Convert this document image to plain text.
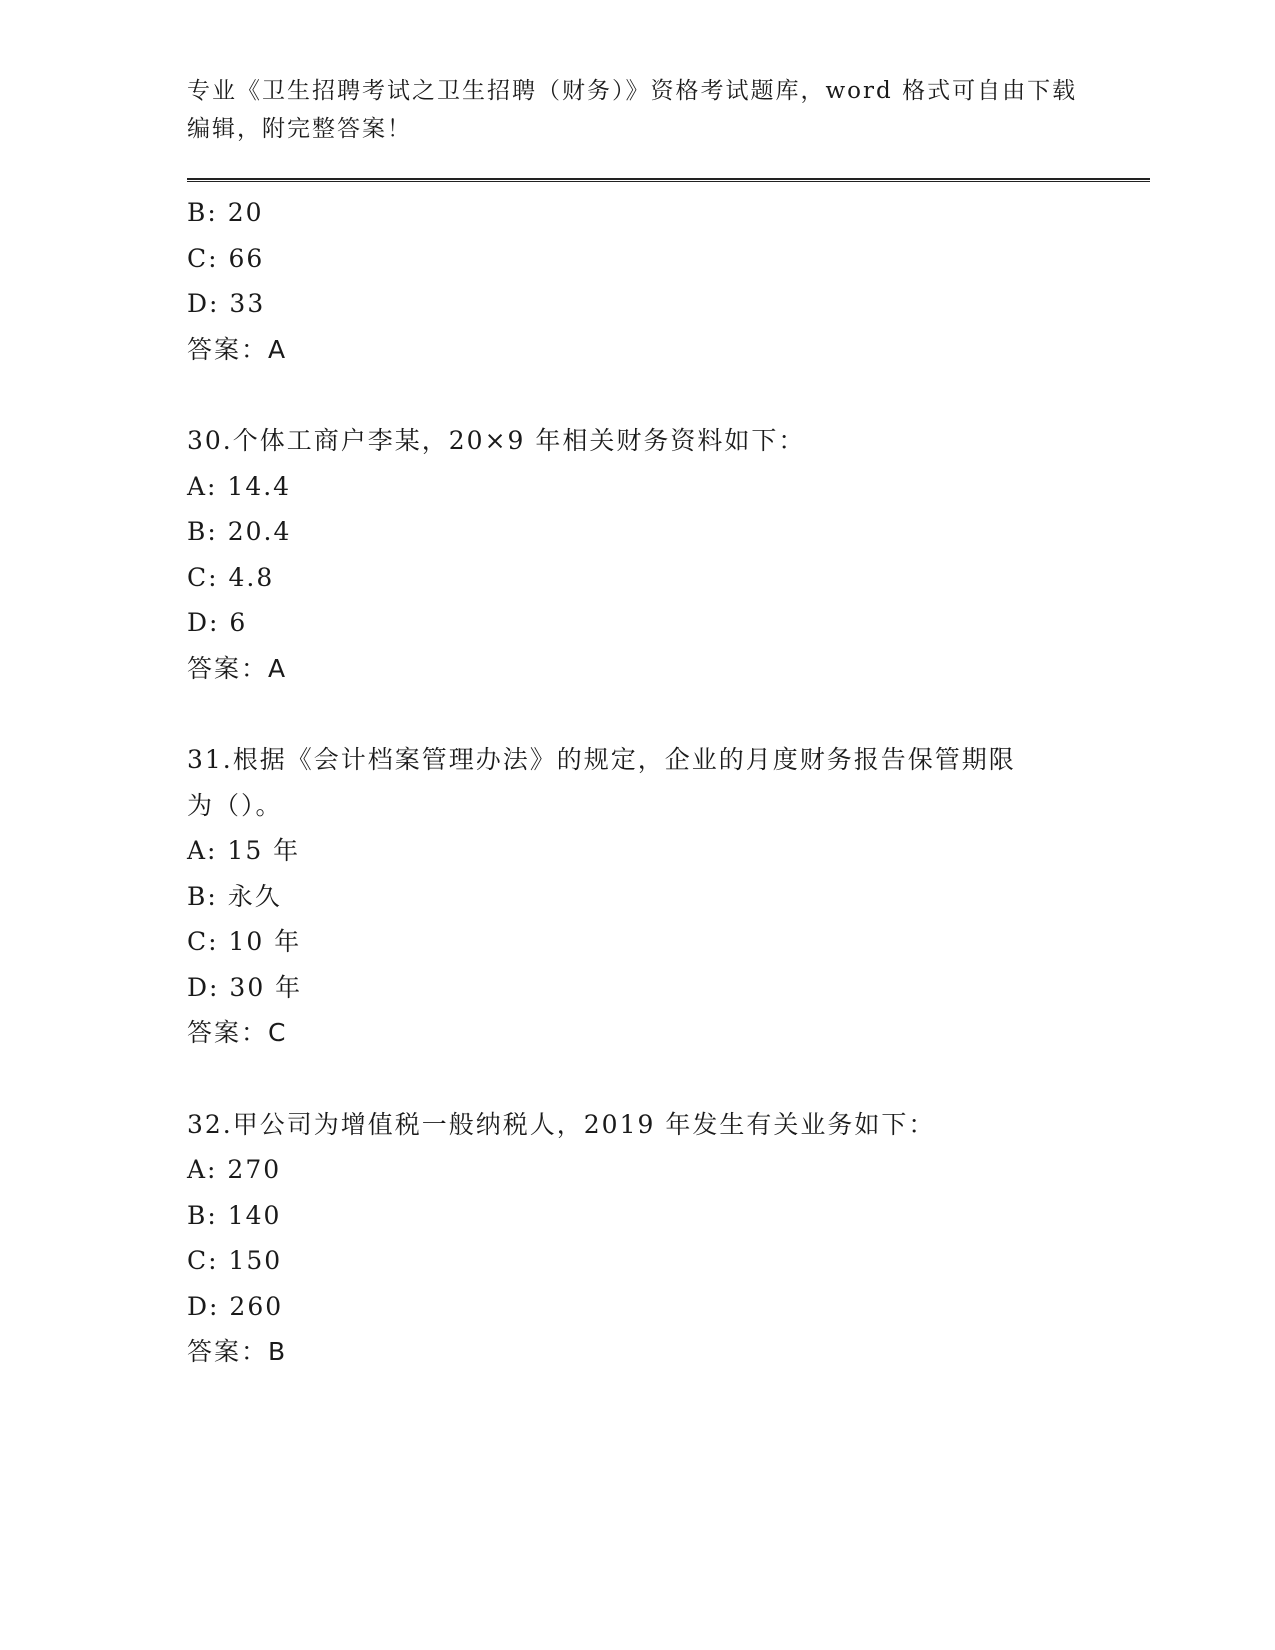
专业《卫生招聘考试之卫生招聘（财务）》资格考试题库，word 格式可自由下载
编辑，附完整答案！
B: 20
C: 66
D: 33
答案：A
30.个体工商户李某，20×9 年相关财务资料如下：
A: 14.4
B: 20.4
C: 4.8
D: 6
答案：A
31.根据《会计档案管理办法》的规定，企业的月度财务报告保管期限
为（）。
A: 15 年
B: 永久
C: 10 年
D: 30 年
答案：C
32.甲公司为增值税一般纳税人，2019 年发生有关业务如下：
A: 270
B: 140
C: 150
D: 260
答案：B
